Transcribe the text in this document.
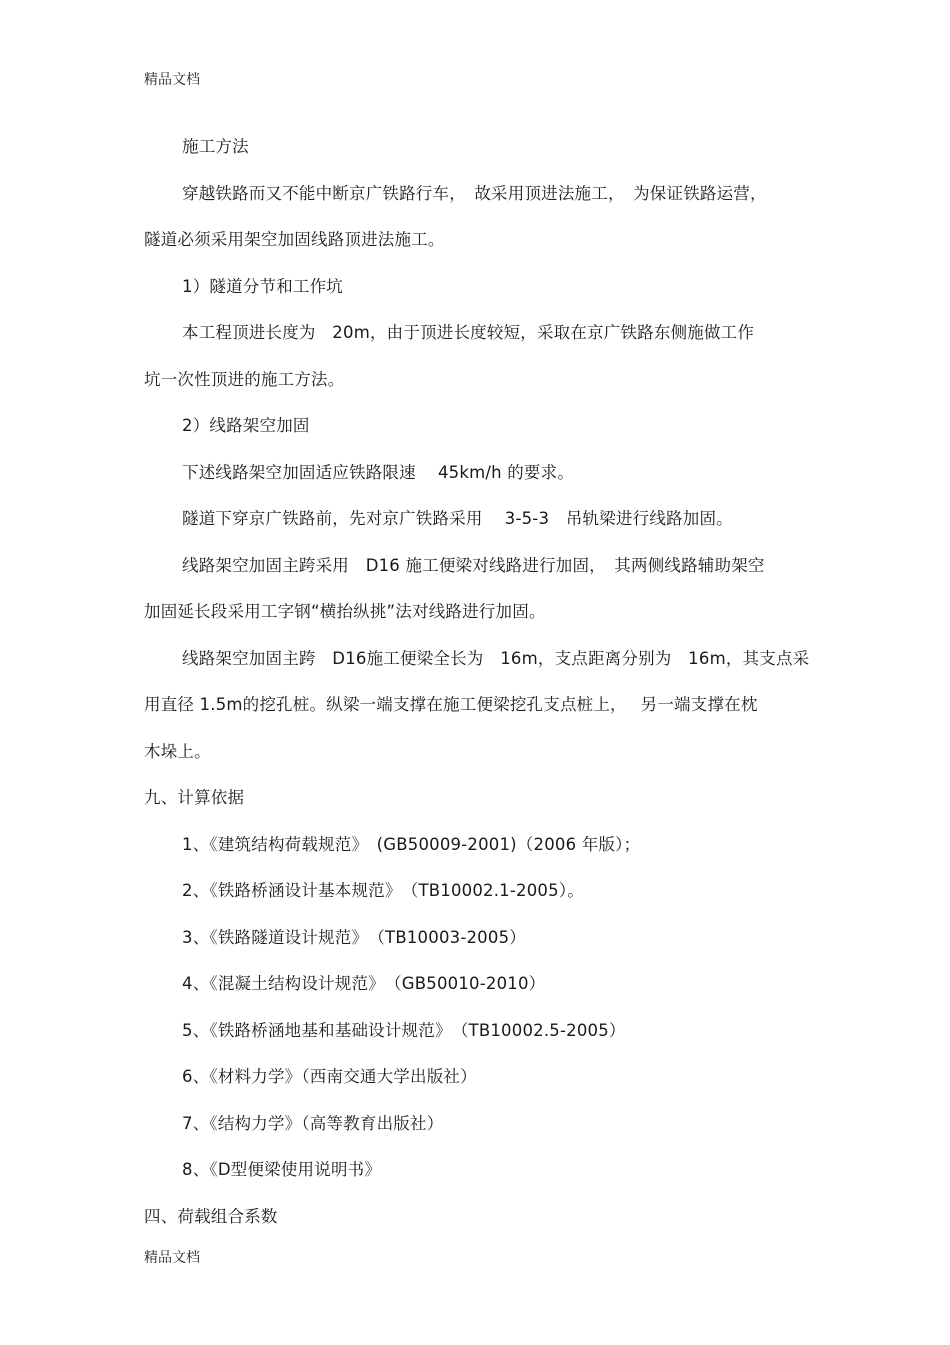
精品文档
施工方法
穿越铁路而又不能中断京广铁路行车，　故采用顶进法施工，　为保证铁路运营，
隧道必须采用架空加固线路顶进法施工。
1）隧道分节和工作坑
本工程顶进长度为　20m，由于顶进长度较短，采取在京广铁路东侧施做工作
坑一次性顶进的施工方法。
2）线路架空加固
下述线路架空加固适应铁路限速　 45km/h 的要求。
隧道下穿京广铁路前，先对京广铁路采用　 3-5-3　吊轨梁进行线路加固。
线路架空加固主跨采用　D16 施工便梁对线路进行加固，　其两侧线路辅助架空
加固延长段采用工字钢“横抬纵挑”法对线路进行加固。
线路架空加固主跨　D16施工便梁全长为　16m，支点距离分别为　16m，其支点采
用直径 1.5m的挖孔桩。纵梁一端支撑在施工便梁挖孔支点桩上，　 另一端支撑在枕
木垛上。
九、计算依据
1、《建筑结构荷载规范》　(GB50009-2001)（2006 年版）；
2、《铁路桥涵设计基本规范》　（TB10002.1-2005）。
3、《铁路隧道设计规范》　（TB10003-2005）
4、《混凝土结构设计规范》　（GB50010-2010）
5、《铁路桥涵地基和基础设计规范》　（TB10002.5-2005）
6、《材料力学》（西南交通大学出版社）
7、《结构力学》（高等教育出版社）
8、《D型便梁使用说明书》
四、荷载组合系数
精品文档
